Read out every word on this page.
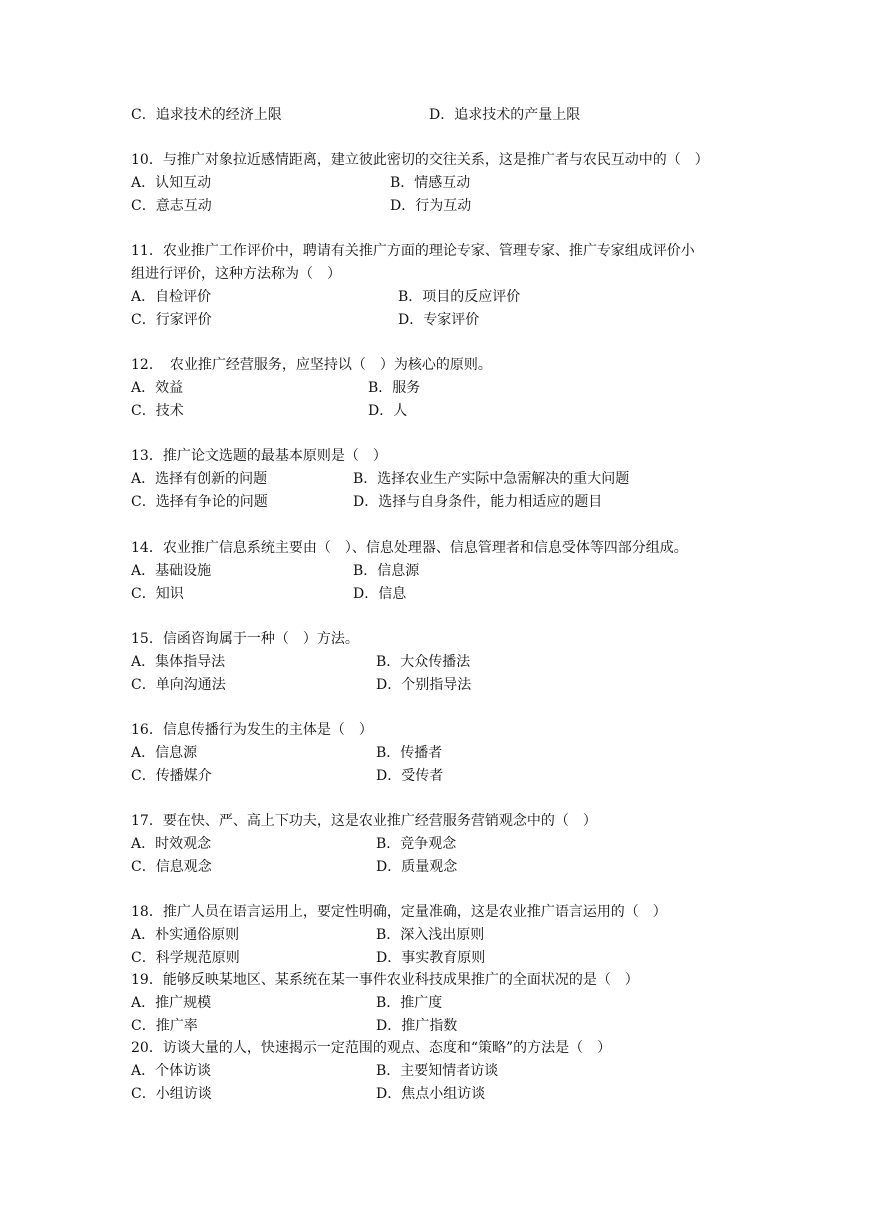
C．追求技术的经济上限	D．追求技术的产量上限
10．与推广对象拉近感情距离，建立彼此密切的交往关系，这是推广者与农民互动中的（　）
A．认知互动	B．情感互动
C．意志互动	D．行为互动
11．农业推广工作评价中，聘请有关推广方面的理论专家、管理专家、推广专家组成评价小
组进行评价，这种方法称为（　）
A．自检评价	B．项目的反应评价
C．行家评价	D．专家评价
12．　农业推广经营服务，应坚持以（　）为核心的原则。
A．效益	B．服务
C．技术	D．人
13．推广论文选题的最基本原则是（　）
A．选择有创新的问题	B．选择农业生产实际中急需解决的重大问题
C．选择有争论的问题	D．选择与自身条件，能力相适应的题目
14．农业推广信息系统主要由（　）、信息处理器、信息管理者和信息受体等四部分组成。
A．基础设施	B．信息源
C．知识	D．信息
15．信函咨询属于一种（　）方法。
A．集体指导法	B．大众传播法
C．单向沟通法	D．个别指导法
16．信息传播行为发生的主体是（　）
A．信息源	B．传播者
C．传播媒介	D．受传者
17．要在快、严、高上下功夫，这是农业推广经营服务营销观念中的（　）
A．时效观念	B．竞争观念
C．信息观念	D．质量观念
18．推广人员在语言运用上，要定性明确，定量准确，这是农业推广语言运用的（　）
A．朴实通俗原则	B．深入浅出原则
C．科学规范原则	D．事实教育原则
19．能够反映某地区、某系统在某一事件农业科技成果推广的全面状况的是（　）
A．推广规模	B．推广度
C．推广率	D．推广指数
20．访谈大量的人，快速揭示一定范围的观点、态度和“策略”的方法是（　）
A．个体访谈	B．主要知情者访谈
C．小组访谈	D．焦点小组访谈
